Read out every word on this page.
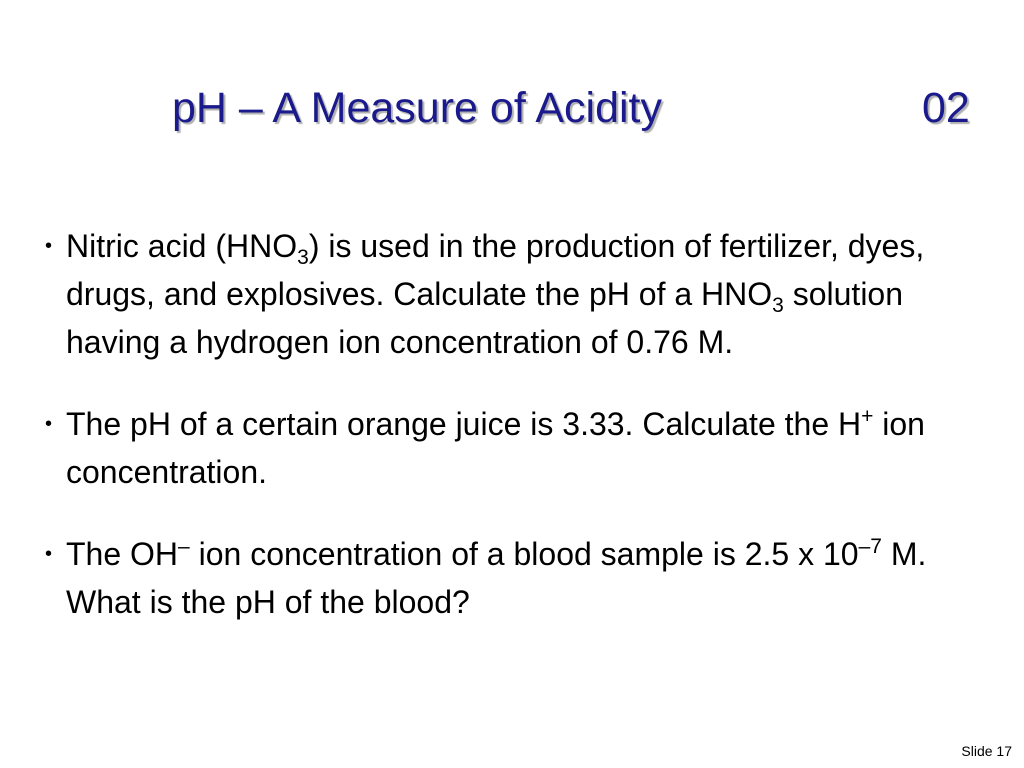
pH – A Measure of Acidity	02
• Nitric acid $(HNO_3)$ is used in the production of fertilizer, dyes, drugs, and explosives. Calculate the pH of a $HNO_3$ solution having a hydrogen ion concentration of 0.76 M.
• The pH of a certain orange juice is 3.33. Calculate the H+ ion concentration.
• The OH– ion concentration of a blood sample is 2.5 x $10^{-7}$ M. What is the pH of the blood?
Slide 17
